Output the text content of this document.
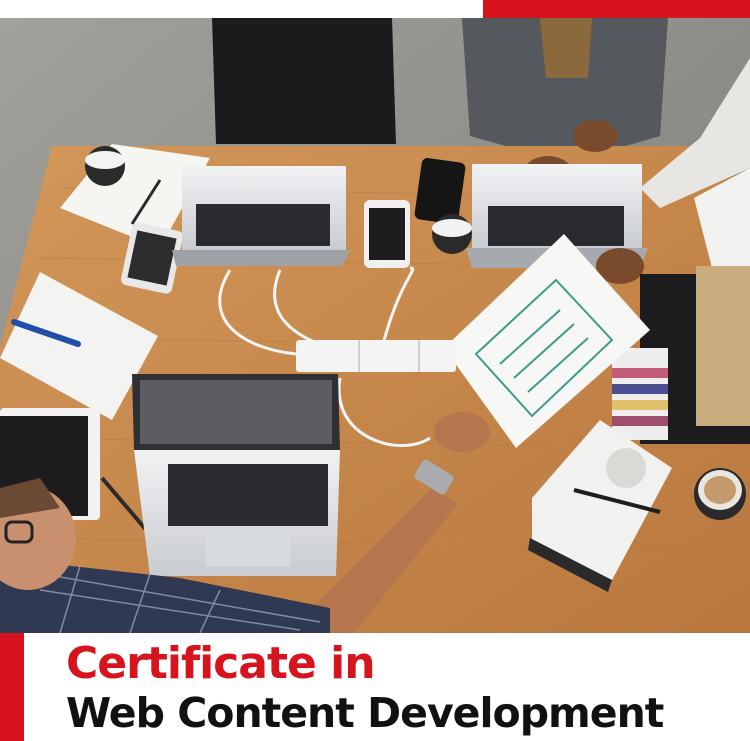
Certificate in
Web Content Development
